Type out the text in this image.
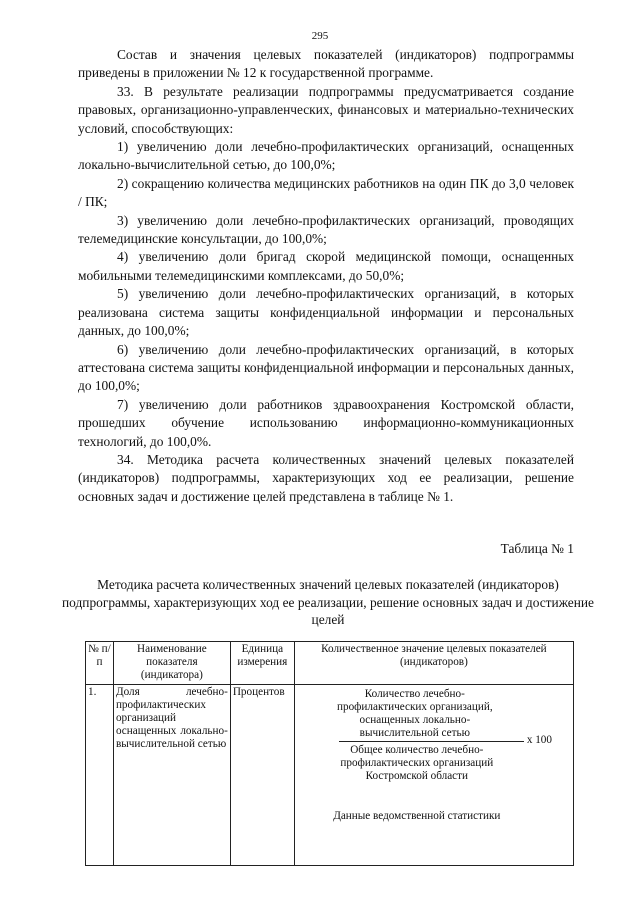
295

Состав и значения целевых показателей (индикаторов) подпрограммы приведены в приложении № 12 к государственной программе.

33. В результате реализации подпрограммы предусматривается создание правовых, организационно-управленческих, финансовых и материально-технических условий, способствующих:

1) увеличению доли лечебно-профилактических организаций, оснащенных локально-вычислительной сетью, до 100,0%;

2) сокращению количества медицинских работников на один ПК до 3,0 человек / ПК;

3) увеличению доли лечебно-профилактических организаций, проводящих телемедицинские консультации, до 100,0%;

4) увеличению доли бригад скорой медицинской помощи, оснащенных мобильными телемедицинскими комплексами, до 50,0%;

5) увеличению доли лечебно-профилактических организаций, в которых реализована система защиты конфиденциальной информации и персональных данных, до 100,0%;

6) увеличению доли лечебно-профилактических организаций, в которых аттестована система защиты конфиденциальной информации и персональных данных, до 100,0%;

7) увеличению доли работников здравоохранения Костромской области, прошедших обучение использованию информационно-коммуникационных технологий, до 100,0%.

34. Методика расчета количественных значений целевых показателей (индикаторов) подпрограммы, характеризующих ход ее реализации, решение основных задач и достижение целей представлена в таблице № 1.

Таблица № 1
Методика расчета количественных значений целевых показателей (индикаторов) подпрограммы, характеризующих ход ее реализации, решение основных задач и достижение целей
№ п/п	Наименование показателя (индикатора)	Единица измерения	Количественное значение целевых показателей (индикаторов)
1.	Доля лечебно-профилактических организаций оснащенных локально-вычислительной сетью	Процентов	Количество лечебно-профилактических организаций, оснащенных локально-вычислительной сетью
Общее количество лечебно-профилактических организаций Костромской области
x 100
Данные ведомственной статистики
